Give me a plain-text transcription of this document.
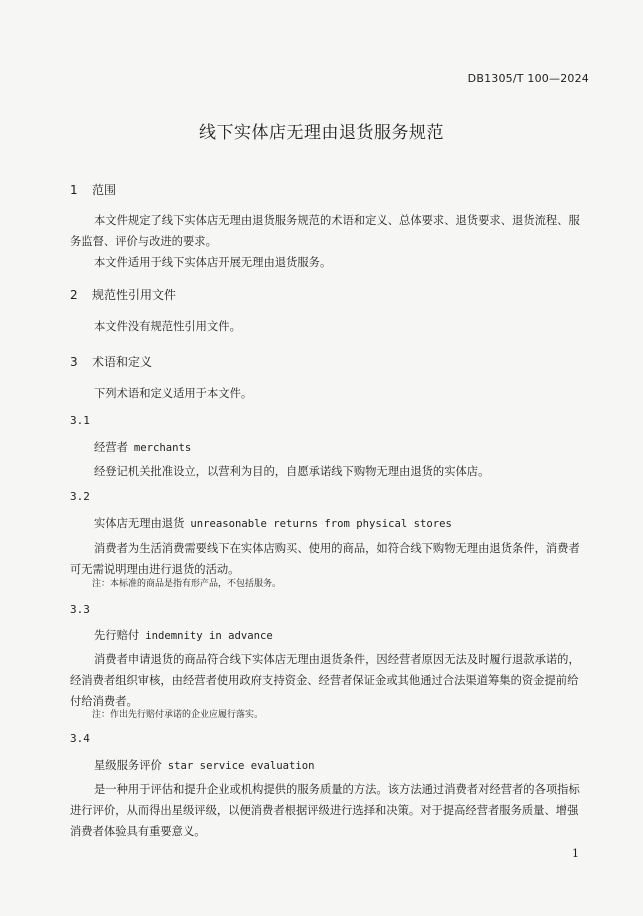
DB1305/T 100—2024
线下实体店无理由退货服务规范
1 范围
本文件规定了线下实体店无理由退货服务规范的术语和定义、总体要求、退货要求、退货流程、服
务监督、评价与改进的要求。
本文件适用于线下实体店开展无理由退货服务。
2 规范性引用文件
本文件没有规范性引用文件。
3 术语和定义
下列术语和定义适用于本文件。
3.1
经营者 merchants
经登记机关批准设立，以营利为目的，自愿承诺线下购物无理由退货的实体店。
3.2
实体店无理由退货 unreasonable returns from physical stores
消费者为生活消费需要线下在实体店购买、使用的商品，如符合线下购物无理由退货条件，消费者
可无需说明理由进行退货的活动。
注：本标准的商品是指有形产品，不包括服务。
3.3
先行赔付 indemnity in advance
消费者申请退货的商品符合线下实体店无理由退货条件，因经营者原因无法及时履行退款承诺的，
经消费者组织审核，由经营者使用政府支持资金、经营者保证金或其他通过合法渠道筹集的资金提前给
付给消费者。
注：作出先行赔付承诺的企业应履行落实。
3.4
星级服务评价 star service evaluation
是一种用于评估和提升企业或机构提供的服务质量的方法。该方法通过消费者对经营者的各项指标
进行评价，从而得出星级评级，以便消费者根据评级进行选择和决策。对于提高经营者服务质量、增强
消费者体验具有重要意义。
1
